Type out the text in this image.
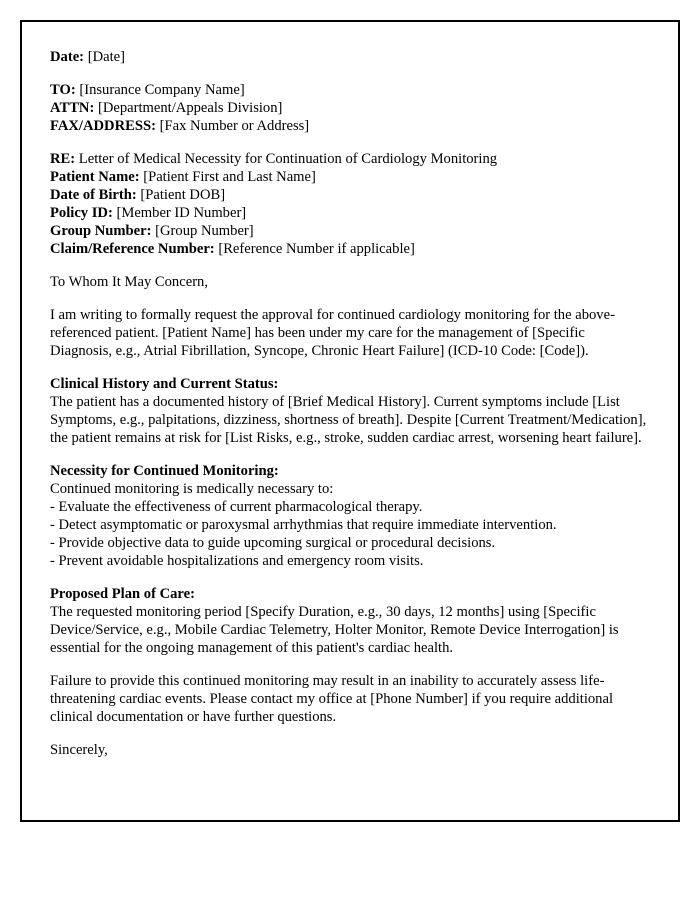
Date: [Date]
TO: [Insurance Company Name]
ATTN: [Department/Appeals Division]
FAX/ADDRESS: [Fax Number or Address]
RE: Letter of Medical Necessity for Continuation of Cardiology Monitoring
Patient Name: [Patient First and Last Name]
Date of Birth: [Patient DOB]
Policy ID: [Member ID Number]
Group Number: [Group Number]
Claim/Reference Number: [Reference Number if applicable]
To Whom It May Concern,
I am writing to formally request the approval for continued cardiology monitoring for the above-referenced patient. [Patient Name] has been under my care for the management of [Specific Diagnosis, e.g., Atrial Fibrillation, Syncope, Chronic Heart Failure] (ICD-10 Code: [Code]).
Clinical History and Current Status:
The patient has a documented history of [Brief Medical History]. Current symptoms include [List Symptoms, e.g., palpitations, dizziness, shortness of breath]. Despite [Current Treatment/Medication], the patient remains at risk for [List Risks, e.g., stroke, sudden cardiac arrest, worsening heart failure].
Necessity for Continued Monitoring:
Continued monitoring is medically necessary to:
- Evaluate the effectiveness of current pharmacological therapy.
- Detect asymptomatic or paroxysmal arrhythmias that require immediate intervention.
- Provide objective data to guide upcoming surgical or procedural decisions.
- Prevent avoidable hospitalizations and emergency room visits.
Proposed Plan of Care:
The requested monitoring period [Specify Duration, e.g., 30 days, 12 months] using [Specific Device/Service, e.g., Mobile Cardiac Telemetry, Holter Monitor, Remote Device Interrogation] is essential for the ongoing management of this patient's cardiac health.
Failure to provide this continued monitoring may result in an inability to accurately assess life-threatening cardiac events. Please contact my office at [Phone Number] if you require additional clinical documentation or have further questions.
Sincerely,
